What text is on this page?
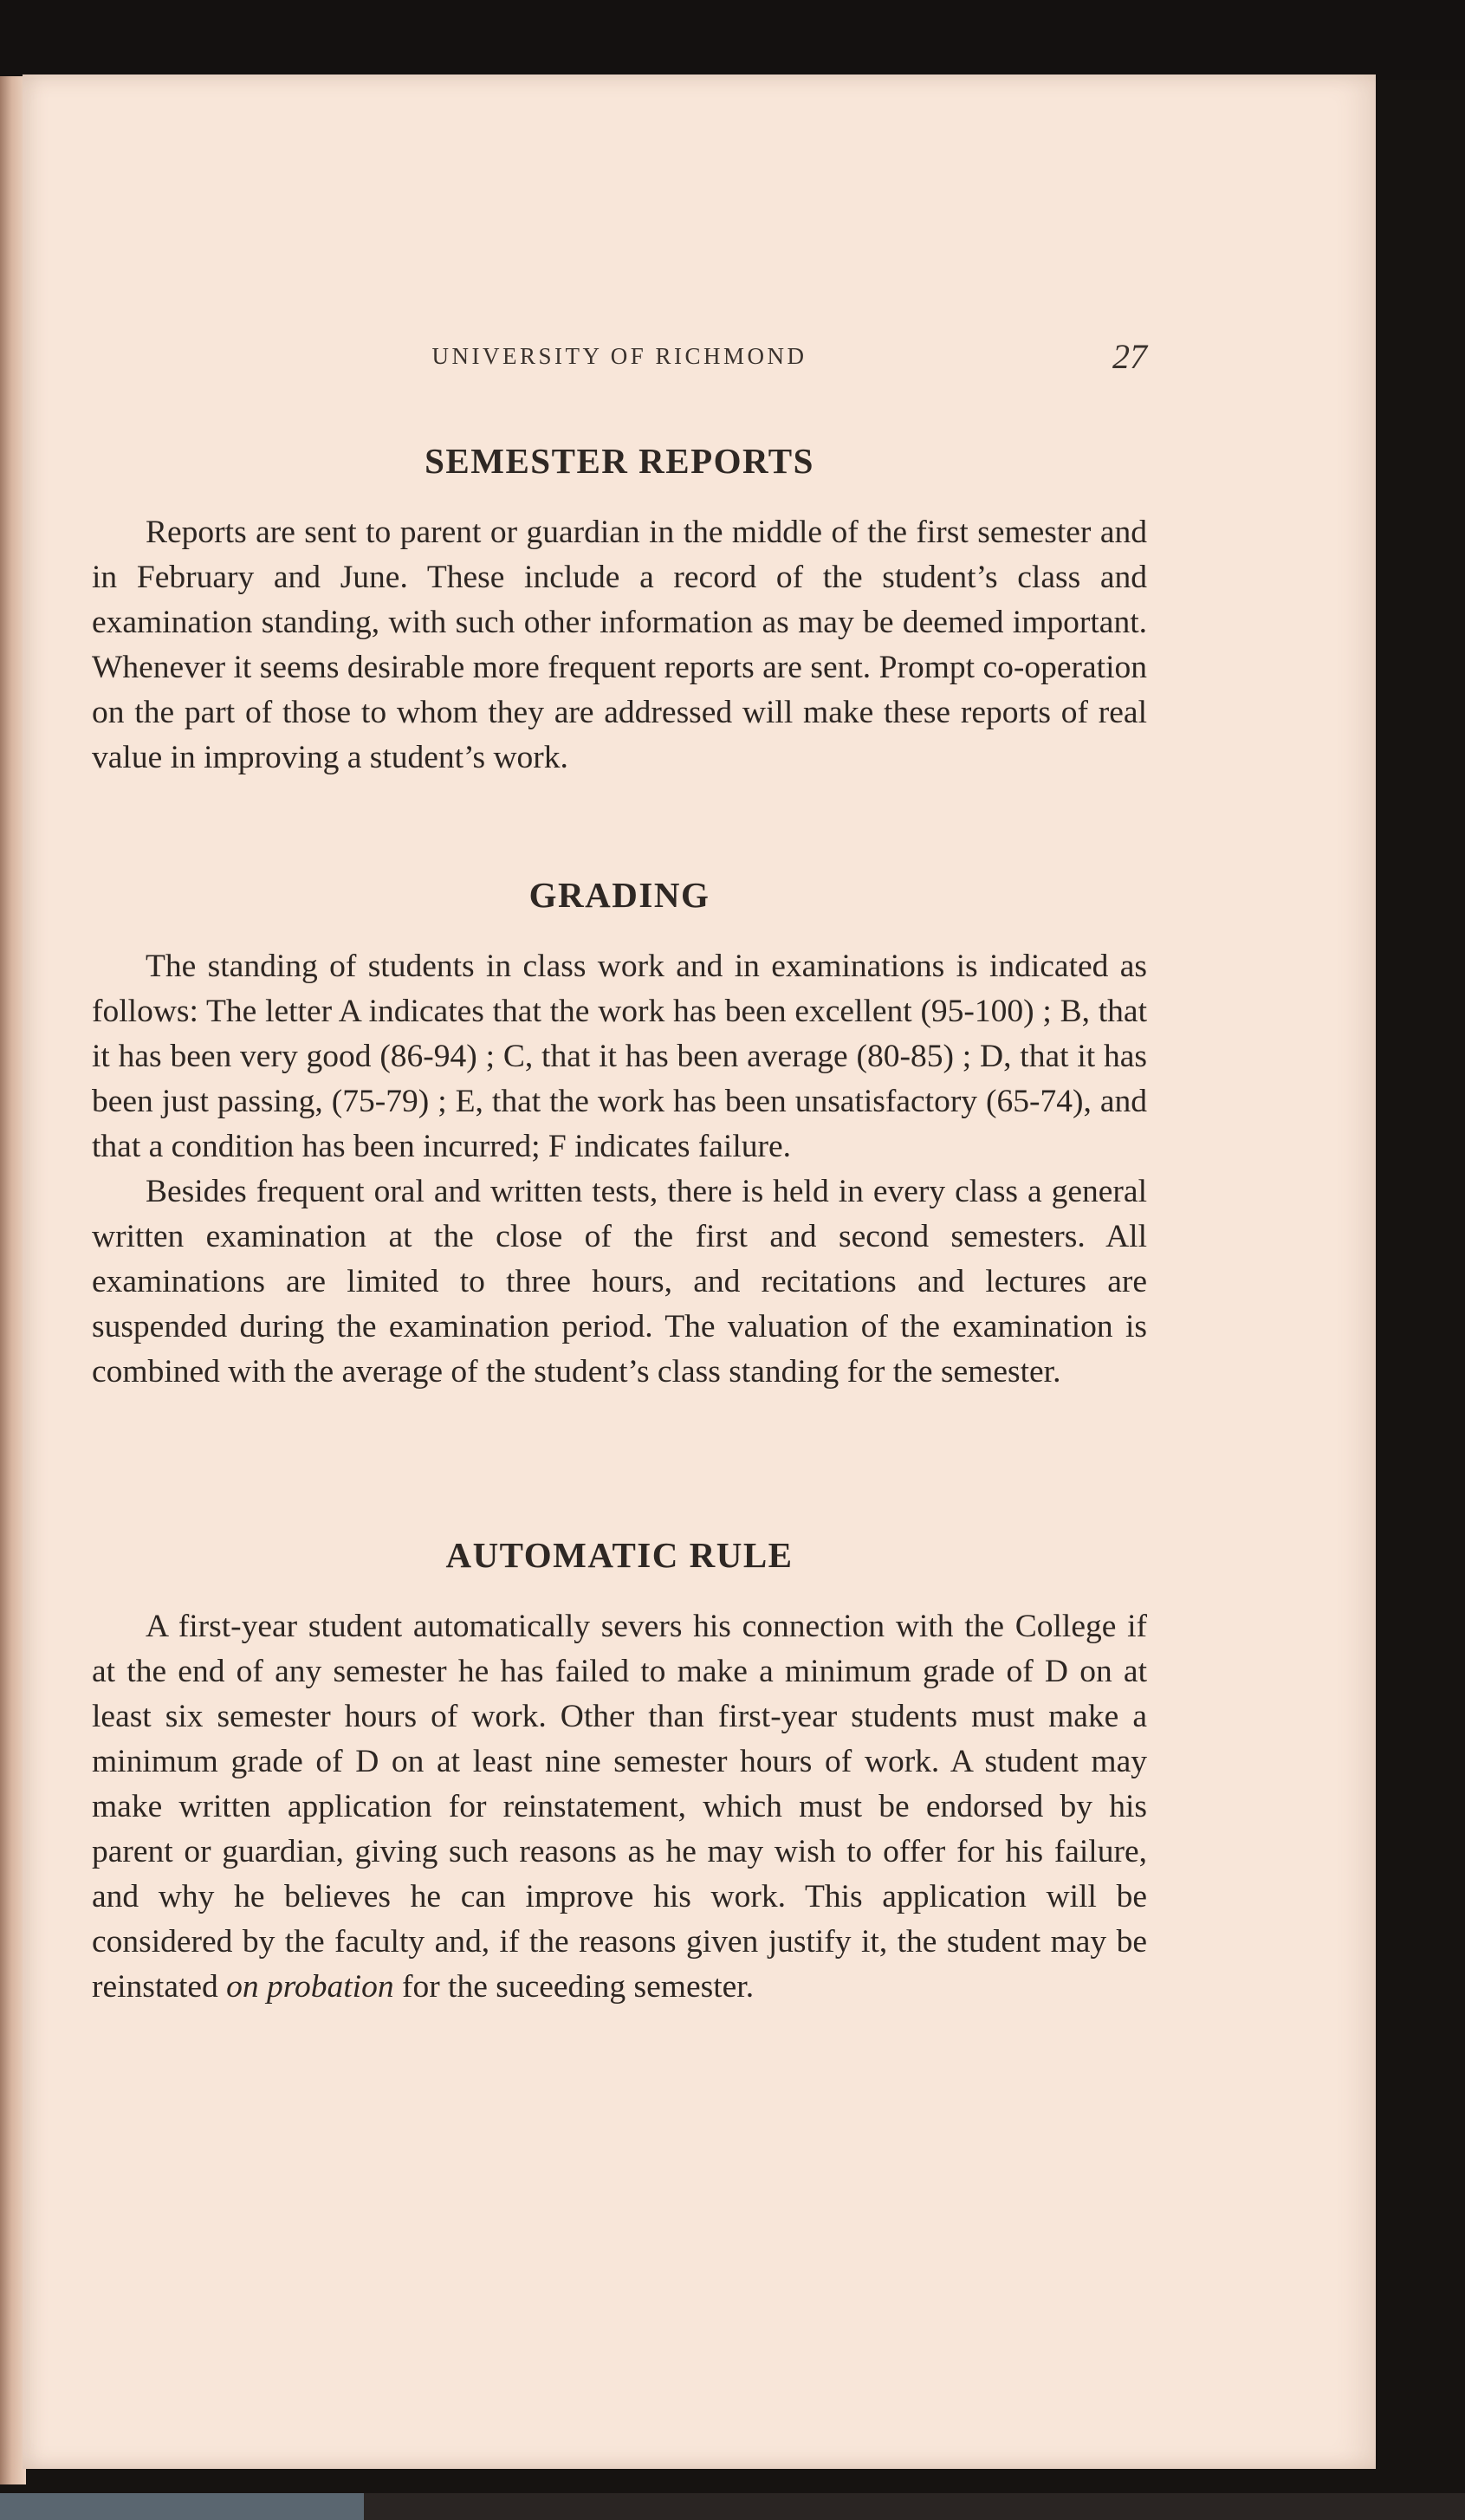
UNIVERSITY OF RICHMOND	27
SEMESTER REPORTS

Reports are sent to parent or guardian in the middle of the first semester and in February and June. These include a record of the student’s class and examination standing, with such other information as may be deemed important. Whenever it seems desirable more frequent reports are sent. Prompt co-operation on the part of those to whom they are addressed will make these reports of real value in improving a student’s work.

GRADING

The standing of students in class work and in examinations is indicated as follows: The letter A indicates that the work has been excellent (95-100) ; B, that it has been very good (86-94) ; C, that it has been average (80-85) ; D, that it has been just passing, (75-79) ; E, that the work has been unsatisfactory (65-74), and that a condition has been incurred; F indicates failure.

Besides frequent oral and written tests, there is held in every class a general written examination at the close of the first and second semesters. All examinations are limited to three hours, and recitations and lectures are suspended during the examination period. The valuation of the examination is combined with the average of the student’s class standing for the semester.

AUTOMATIC RULE

A first-year student automatically severs his connection with the College if at the end of any semester he has failed to make a minimum grade of D on at least six semester hours of work. Other than first-year students must make a minimum grade of D on at least nine semester hours of work. A student may make written application for reinstatement, which must be endorsed by his parent or guardian, giving such reasons as he may wish to offer for his failure, and why he believes he can improve his work. This application will be considered by the faculty and, if the reasons given justify it, the student may be reinstated on probation for the suceeding semester.
